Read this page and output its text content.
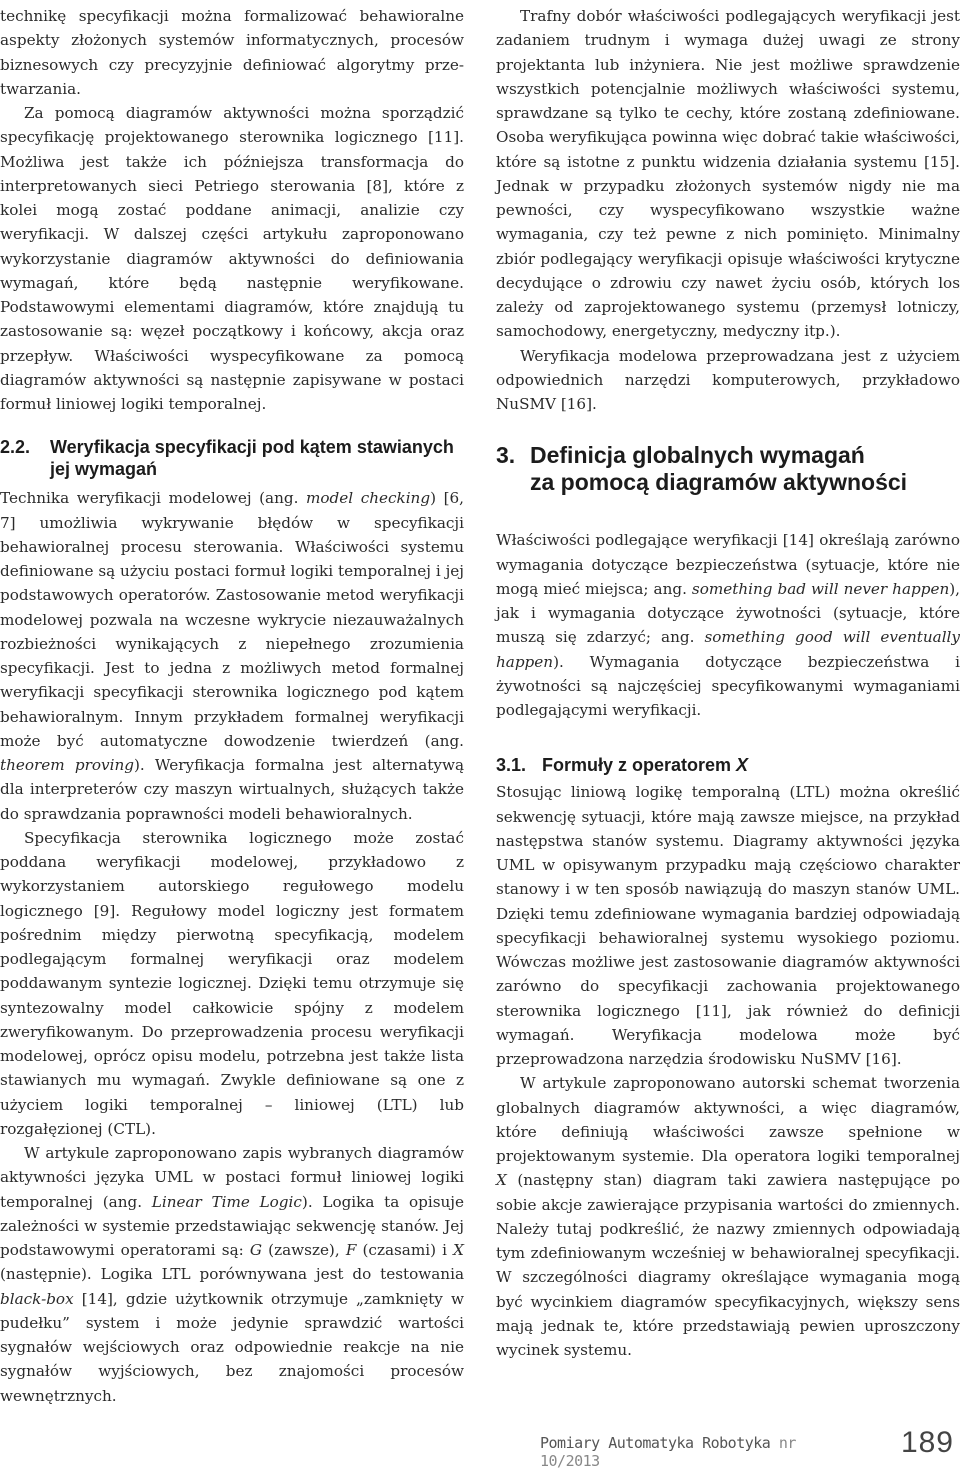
technikę specyfikacji można formalizować behawioralne aspekty złożonych systemów informatycznych, procesów biznesowych czy precyzyjnie definiować algorytmy przetwarzania.

Za pomocą diagramów aktywności można sporządzić specyfikację projektowanego sterownika logicznego [11]. Możliwa jest także ich późniejsza transformacja do interpretowanych sieci Petriego sterowania [8], które z kolei mogą zostać poddane animacji, analizie czy weryfikacji. W dalszej części artykułu zaproponowano wykorzystanie diagramów aktywności do definiowania wymagań, które będą następnie weryfikowane. Podstawowymi elementami diagramów, które znajdują tu zastosowanie są: węzeł początkowy i końcowy, akcja oraz przepływ. Właściwości wyspecyfikowane za pomocą diagramów aktywności są następnie zapisywane w postaci formuł liniowej logiki temporalnej.

2.2.	Weryfikacja specyfikacji pod kątem stawianych jej wymagań

Technika weryfikacji modelowej (ang. model checking) [6, 7] umożliwia wykrywanie błędów w specyfikacji behawioralnej procesu sterowania. Właściwości systemu definiowane są użyciu postaci formuł logiki temporalnej i jej podstawowych operatorów. Zastosowanie metod weryfikacji modelowej pozwala na wczesne wykrycie niezauważalnych rozbieżności wynikających z niepełnego zrozumienia specyfikacji. Jest to jedna z możliwych metod formalnej weryfikacji specyfikacji sterownika logicznego pod kątem behawioralnym. Innym przykładem formalnej weryfikacji może być automatyczne dowodzenie twierdzeń (ang. theorem proving). Weryfikacja formalna jest alternatywą dla interpreterów czy maszyn wirtualnych, służących także do sprawdzania poprawności modeli behawioralnych.

Specyfikacja sterownika logicznego może zostać poddana weryfikacji modelowej, przykładowo z wykorzystaniem autorskiego regułowego modelu logicznego [9]. Regułowy model logiczny jest formatem pośrednim między pierwotną specyfikacją, modelem podlegającym formalnej weryfikacji oraz modelem poddawanym syntezie logicznej. Dzięki temu otrzymuje się syntezowalny model całkowicie spójny z modelem zweryfikowanym. Do przeprowadzenia procesu weryfikacji modelowej, oprócz opisu modelu, potrzebna jest także lista stawianych mu wymagań. Zwykle definiowane są one z użyciem logiki temporalnej – liniowej (LTL) lub rozgałęzionej (CTL).

W artykule zaproponowano zapis wybranych diagramów aktywności języka UML w postaci formuł liniowej logiki temporalnej (ang. Linear Time Logic). Logika ta opisuje zależności w systemie przedstawiając sekwencję stanów. Jej podstawowymi operatorami są: G (zawsze), F (czasami) i X (następnie). Logika LTL porównywana jest do testowania black-box [14], gdzie użytkownik otrzymuje „zamknięty w pudełku” system i może jedynie sprawdzić wartości sygnałów wejściowych oraz odpowiednie reakcje na nie sygnałów wyjściowych, bez znajomości procesów wewnętrznych.

Trafny dobór właściwości podlegających weryfikacji jest zadaniem trudnym i wymaga dużej uwagi ze strony projektanta lub inżyniera. Nie jest możliwe sprawdzenie wszystkich potencjalnie możliwych właściwości systemu, sprawdzane są tylko te cechy, które zostaną zdefiniowane. Osoba weryfikująca powinna więc dobrać takie właściwości, które są istotne z punktu widzenia działania systemu [15]. Jednak w przypadku złożonych systemów nigdy nie ma pewności, czy wyspecyfikowano wszystkie ważne wymagania, czy też pewne z nich pominięto. Minimalny zbiór podlegający weryfikacji opisuje właściwości krytyczne decydujące o zdrowiu czy nawet życiu osób, których los zależy od zaprojektowanego systemu (przemysł lotniczy, samochodowy, energetyczny, medyczny itp.).

Weryfikacja modelowa przeprowadzana jest z użyciem odpowiednich narzędzi komputerowych, przykładowo NuSMV [16].

3. Definicja globalnych wymagań
za pomocą diagramów aktywności

Właściwości podlegające weryfikacji [14] określają zarówno wymagania dotyczące bezpieczeństwa (sytuacje, które nie mogą mieć miejsca; ang. something bad will never happen), jak i wymagania dotyczące żywotności (sytuacje, które muszą się zdarzyć; ang. something good will eventually happen). Wymagania dotyczące bezpieczeństwa i żywotności są najczęściej specyfikowanymi wymaganiami podlegającymi weryfikacji.

3.1. Formuły z operatorem X

Stosując liniową logikę temporalną (LTL) można określić sekwencję sytuacji, które mają zawsze miejsce, na przykład następstwa stanów systemu. Diagramy aktywności języka UML w opisywanym przypadku mają częściowo charakter stanowy i w ten sposób nawiązują do maszyn stanów UML. Dzięki temu zdefiniowane wymagania bardziej odpowiadają specyfikacji behawioralnej systemu wysokiego poziomu. Wówczas możliwe jest zastosowanie diagramów aktywności zarówno do specyfikacji zachowania projektowanego sterownika logicznego [11], jak również do definicji wymagań. Weryfikacja modelowa może być przeprowadzona narzędzia środowisku NuSMV [16].

W artykule zaproponowano autorski schemat tworzenia globalnych diagramów aktywności, a więc diagramów, które definiują właściwości zawsze spełnione w projektowanym systemie. Dla operatora logiki temporalnej X (następny stan) diagram taki zawiera następujące po sobie akcje zawierające przypisania wartości do zmiennych. Należy tutaj podkreślić, że nazwy zmiennych odpowiadają tym zdefiniowanym wcześniej w behawioralnej specyfikacji. W szczególności diagramy określające wymagania mogą być wycinkiem diagramów specyfikacyjnych, większy sens mają jednak te, które przedstawiają pewien uproszczony wycinek systemu.

Pomiary Automatyka Robotyka nr 10/2013
189
